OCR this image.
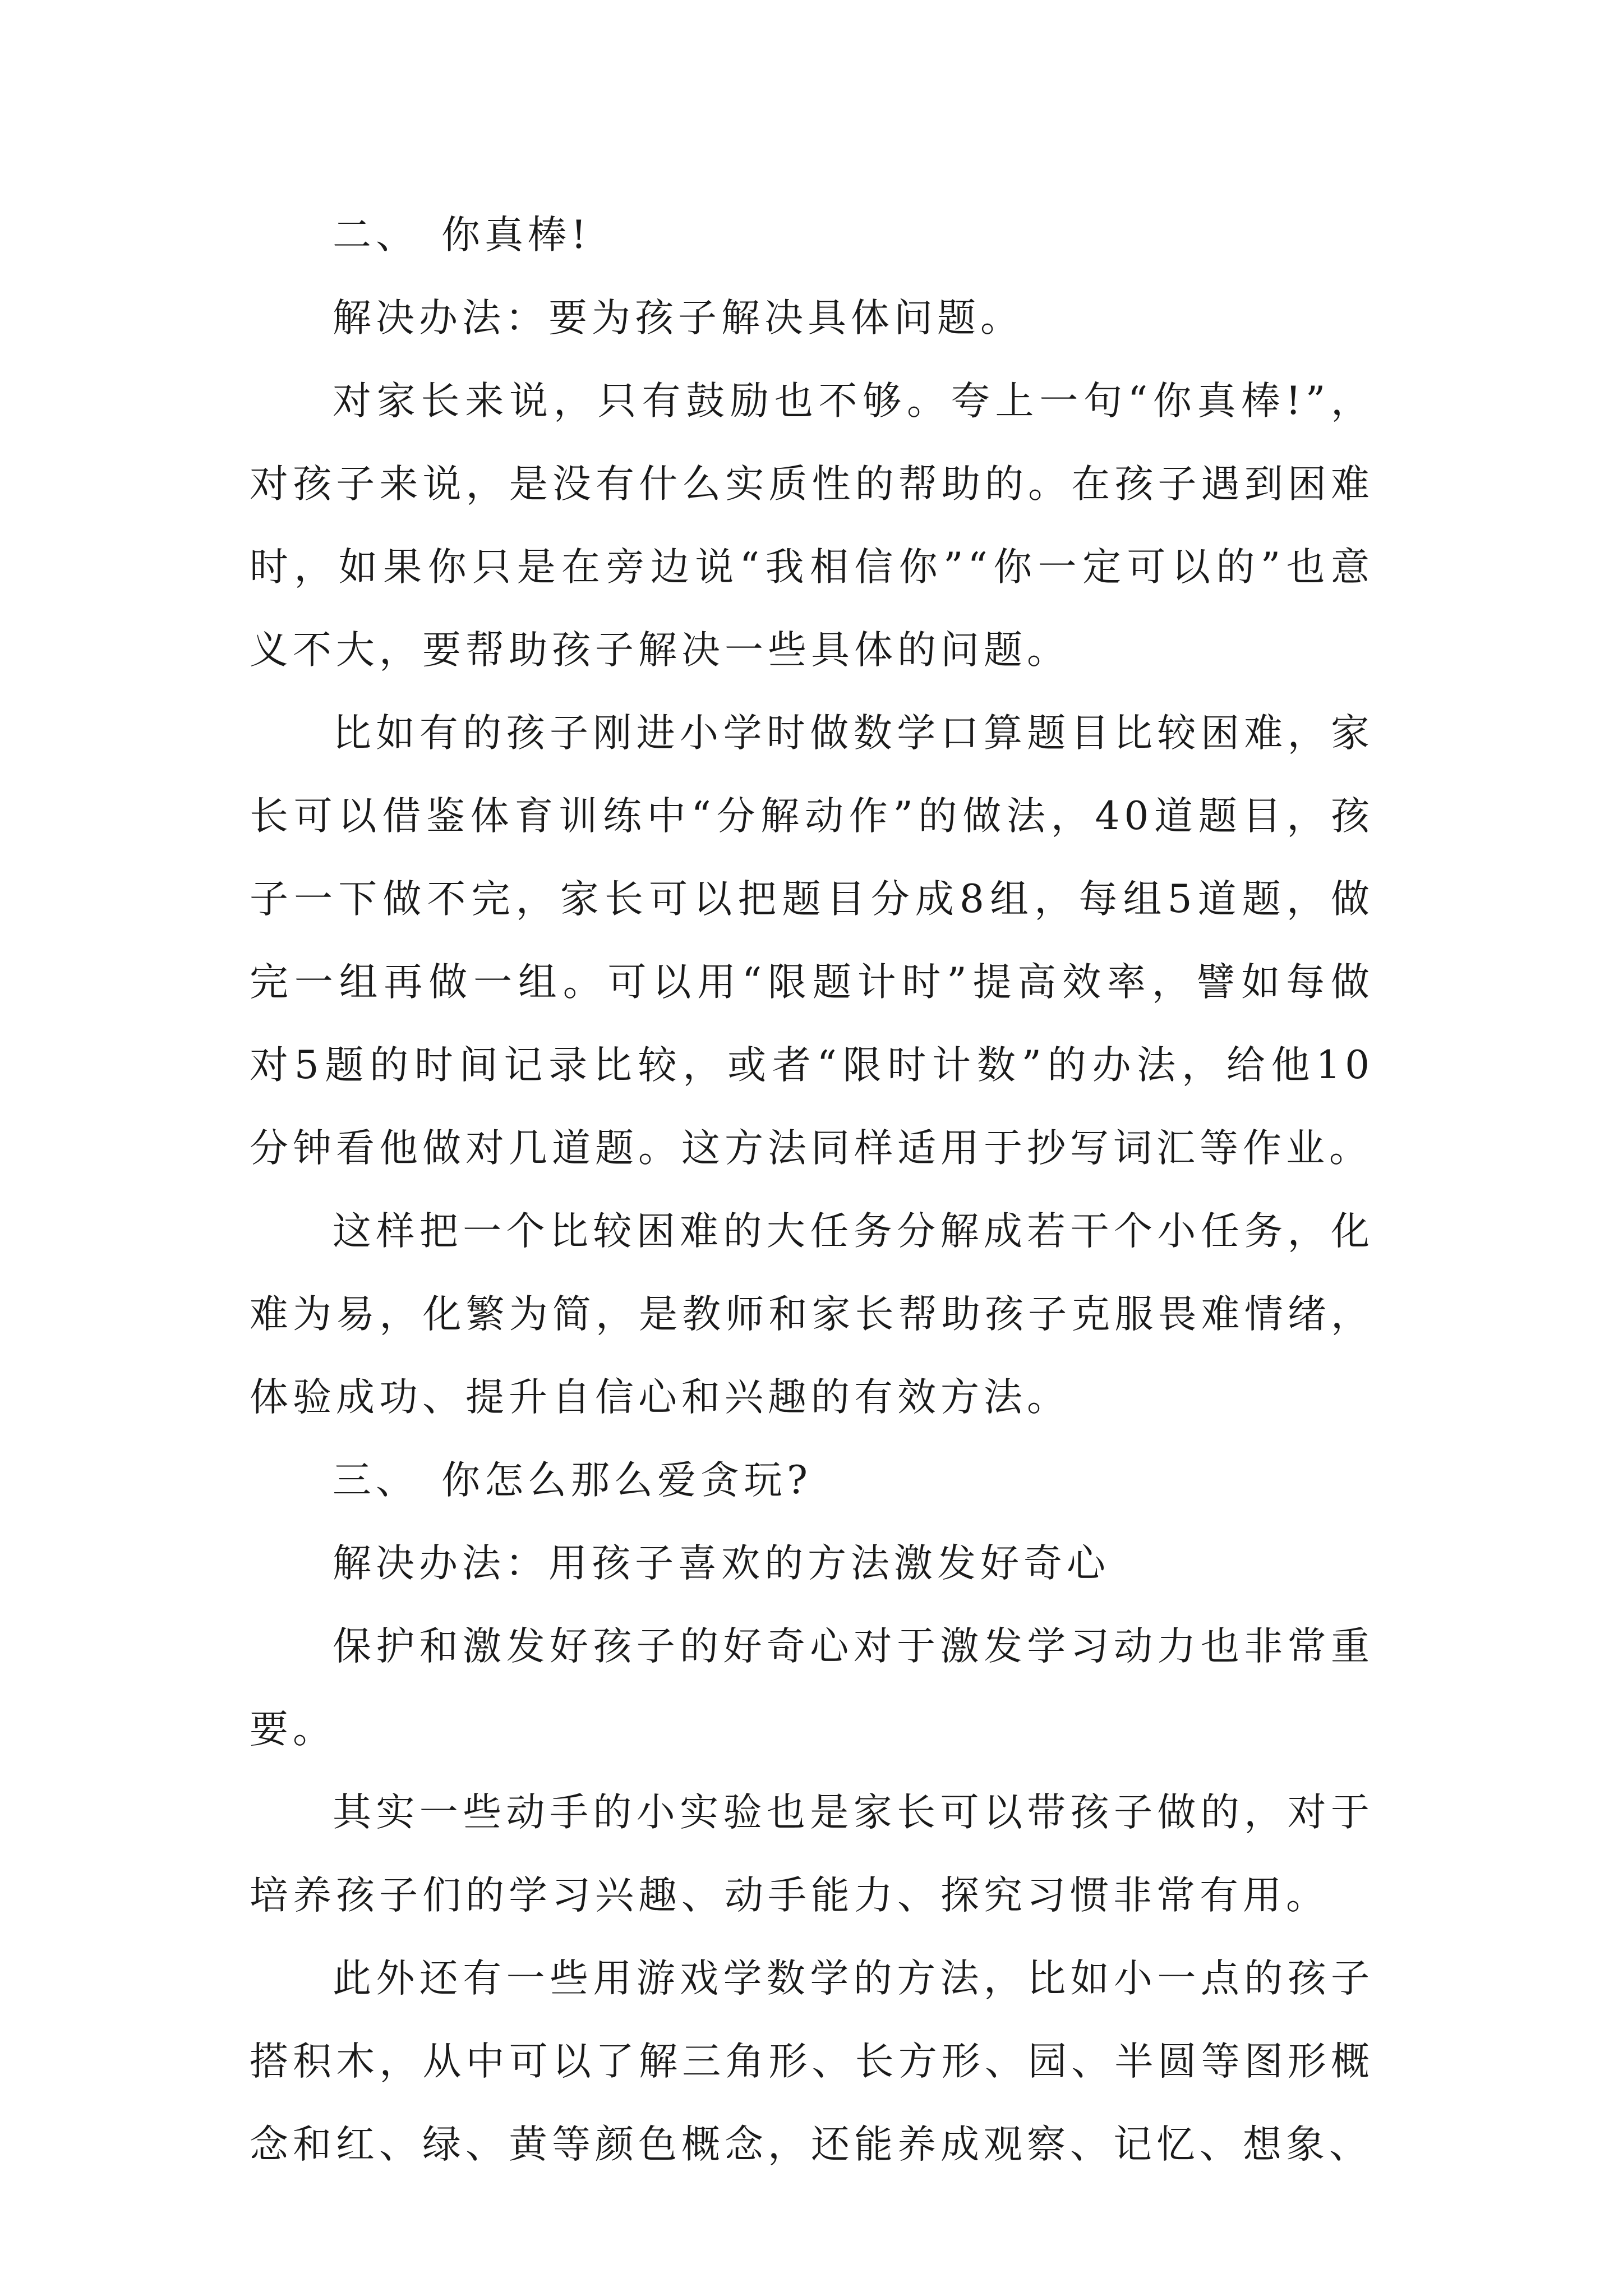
二、 你真棒!

解决办法：要为孩子解决具体问题。

对家长来说，只有鼓励也不够。夸上一句“你真棒!”，对孩子来说，是没有什么实质性的帮助的。在孩子遇到困难时，如果你只是在旁边说“我相信你”“你一定可以的”也意义不大，要帮助孩子解决一些具体的问题。

比如有的孩子刚进小学时做数学口算题目比较困难，家长可以借鉴体育训练中“分解动作”的做法，40道题目，孩子一下做不完，家长可以把题目分成8组，每组5道题，做完一组再做一组。可以用“限题计时”提高效率，譬如每做对5题的时间记录比较，或者“限时计数”的办法，给他10分钟看他做对几道题。这方法同样适用于抄写词汇等作业。

这样把一个比较困难的大任务分解成若干个小任务，化难为易，化繁为简，是教师和家长帮助孩子克服畏难情绪，体验成功、提升自信心和兴趣的有效方法。

三、 你怎么那么爱贪玩?

解决办法：用孩子喜欢的方法激发好奇心

保护和激发好孩子的好奇心对于激发学习动力也非常重要。

其实一些动手的小实验也是家长可以带孩子做的，对于培养孩子们的学习兴趣、动手能力、探究习惯非常有用。

此外还有一些用游戏学数学的方法，比如小一点的孩子搭积木，从中可以了解三角形、长方形、园、半圆等图形概念和红、绿、黄等颜色概念，还能养成观察、记忆、想象、
